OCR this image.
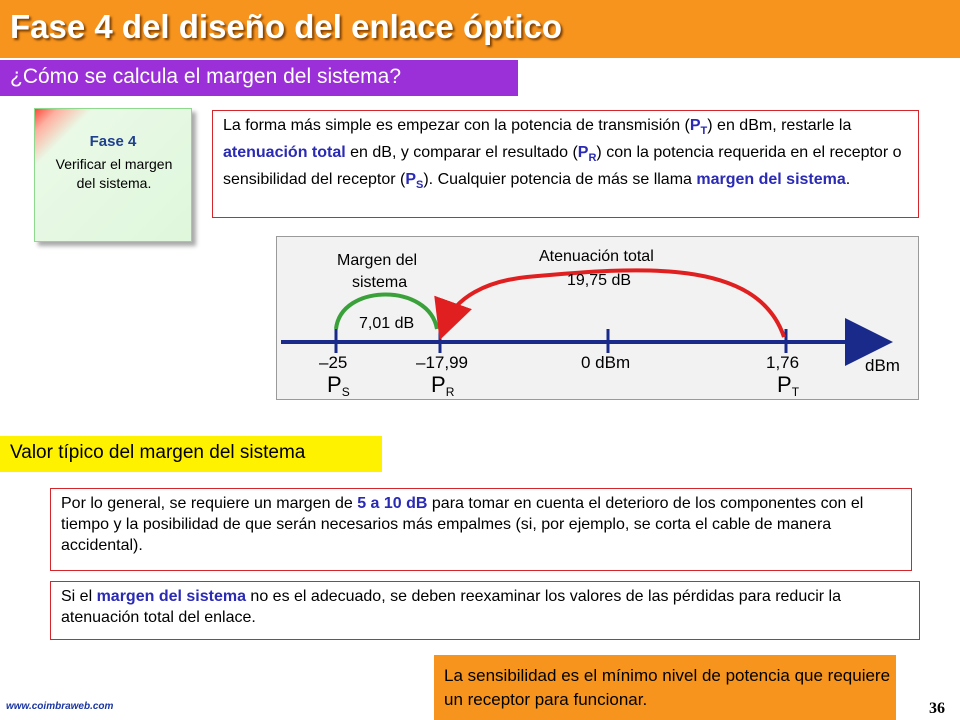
Fase 4 del diseño del enlace óptico
¿Cómo se calcula el margen del sistema?
Fase 4
Verificar el margen del sistema.
La forma más simple es empezar con la potencia de transmisión $(P_T)$ en dBm, restarle la atenuación total en dB, y comparar el resultado $(P_R)$ con la potencia requerida en el receptor o sensibilidad del receptor $(P_S)$. Cualquier potencia de más se llama margen del sistema.
Margen del
sistema
7,01 dB
Atenuación total
19,75 dB
–25	–17,99	0 dBm	1,76
PS	PR	PT
dBm
Valor típico del margen del sistema
Por lo general, se requiere un margen de 5 a 10 dB para tomar en cuenta el deterioro de los componentes con el tiempo y la posibilidad de que serán necesarios más empalmes (si, por ejemplo, se corta el cable de manera accidental).
Si el margen del sistema no es el adecuado, se deben reexaminar los valores de las pérdidas para reducir la atenuación total del enlace.
La sensibilidad es el mínimo nivel de potencia que requiere un receptor para funcionar.
www.coimbraweb.com	36
